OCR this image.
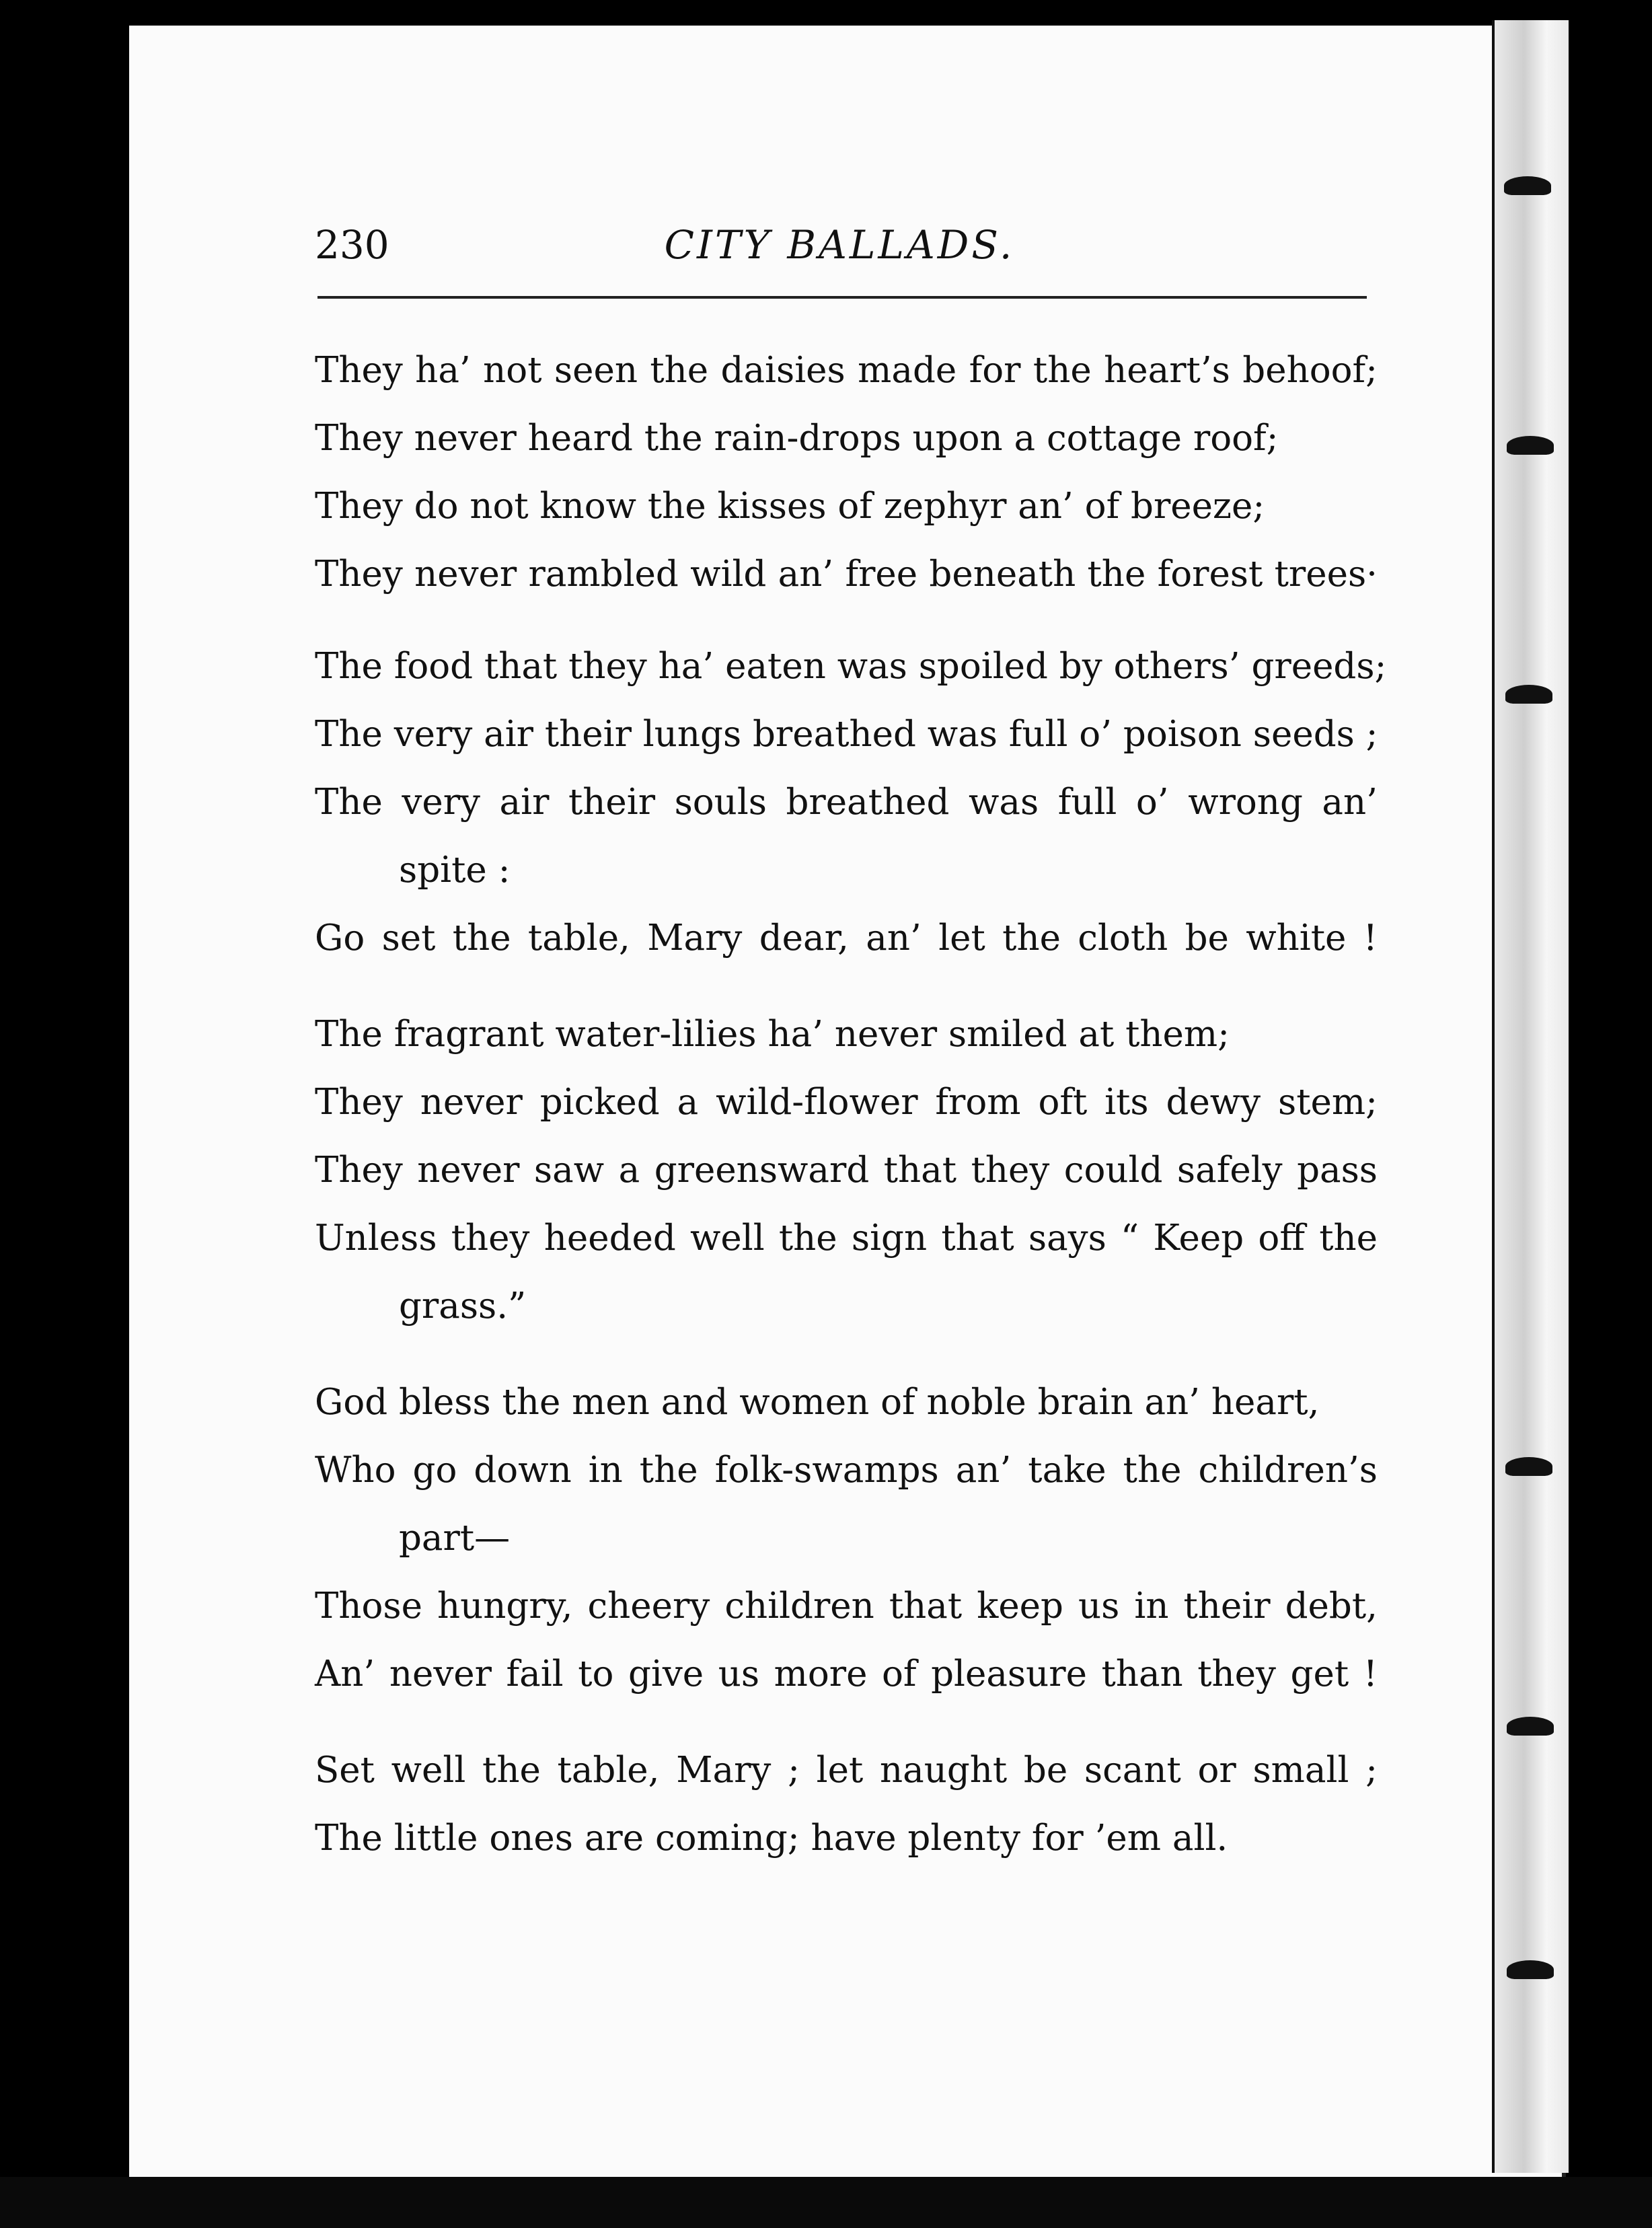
230	CITY BALLADS.
They ha’ not seen the daisies made for the heart’s behoof;
They never heard the rain-drops upon a cottage roof;
They do not know the kisses of zephyr an’ of breeze;
They never rambled wild an’ free beneath the forest trees·
The food that they ha’ eaten was spoiled by others’ greeds;
The very air their lungs breathed was full o’ poison seeds ;
The very air their souls breathed was full o’ wrong an’
spite :
Go set the table, Mary dear, an’ let the cloth be white !
The fragrant water-lilies ha’ never smiled at them;
They never picked a wild-flower from oft its dewy stem;
They never saw a greensward that they could safely pass
Unless they heeded well the sign that says “ Keep off the
grass.”
God bless the men and women of noble brain an’ heart,
Who go down in the folk-swamps an’ take the children’s
part—
Those hungry, cheery children that keep us in their debt,
An’ never fail to give us more of pleasure than they get !
Set well the table, Mary ; let naught be scant or small ;
The little ones are coming; have plenty for ’em all.
